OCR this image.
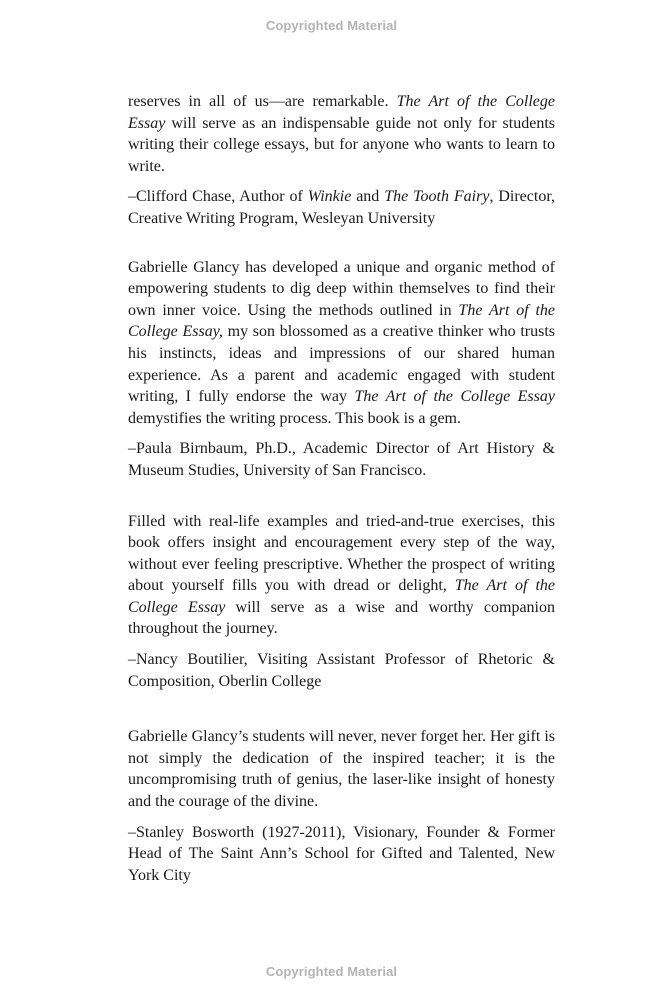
Copyrighted Material

reserves in all of us—are remarkable. The Art of the College Essay will serve as an indispensable guide not only for students writing their college essays, but for anyone who wants to learn to write.

–Clifford Chase, Author of Winkie and The Tooth Fairy, Director, Creative Writing Program, Wesleyan University

Gabrielle Glancy has developed a unique and organic method of empowering students to dig deep within themselves to find their own inner voice. Using the methods outlined in The Art of the College Essay, my son blossomed as a creative thinker who trusts his instincts, ideas and impressions of our shared human experience. As a parent and academic engaged with student writing, I fully endorse the way The Art of the College Essay demystifies the writing process. This book is a gem.

–Paula Birnbaum, Ph.D., Academic Director of Art History & Museum Studies, University of San Francisco.

Filled with real-life examples and tried-and-true exercises, this book offers insight and encouragement every step of the way, without ever feeling prescriptive. Whether the prospect of writing about yourself fills you with dread or delight, The Art of the College Essay will serve as a wise and worthy companion throughout the journey.

–Nancy Boutilier, Visiting Assistant Professor of Rhetoric & Composition, Oberlin College

Gabrielle Glancy’s students will never, never forget her. Her gift is not simply the dedication of the inspired teacher; it is the uncompromising truth of genius, the laser-like insight of honesty and the courage of the divine.

–Stanley Bosworth (1927-2011), Visionary, Founder & Former Head of The Saint Ann’s School for Gifted and Talented, New York City

Copyrighted Material
